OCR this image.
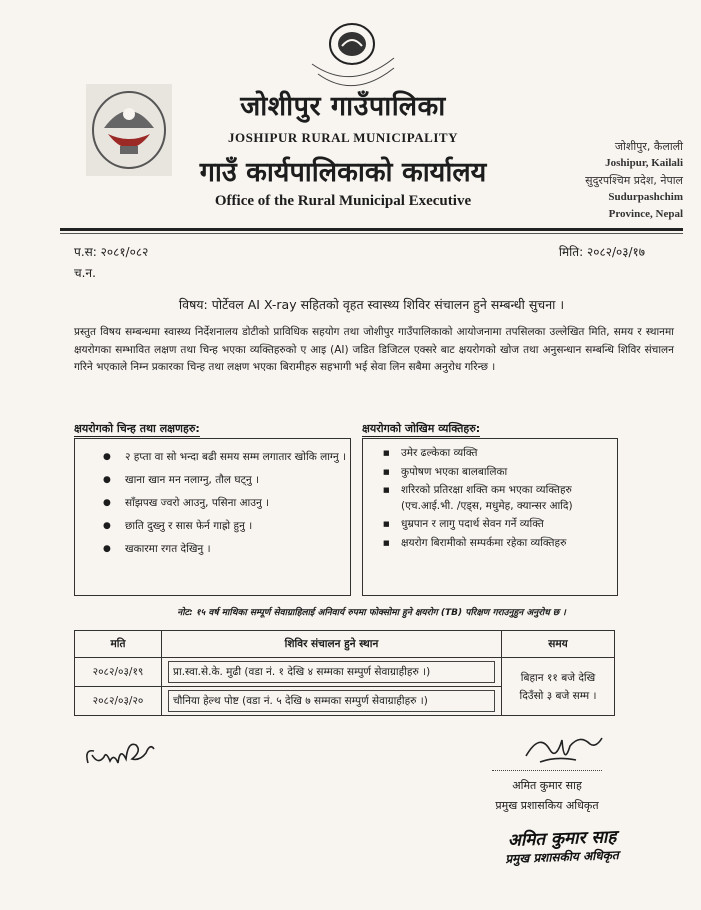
जोशीपुर गाउँपालिका
JOSHIPUR RURAL MUNICIPALITY
गाउँ कार्यपालिकाको कार्यालय
Office of the Rural Municipal Executive
जोशीपुर, कैलाली
Joshipur, Kailali
सुदुरपश्चिम प्रदेश, नेपाल
Sudurpashchim
Province, Nepal
प.स: २०८१/०८२
च.न.
मिति: २०८२/०३/१७
विषय: पोर्टेवल AI X-ray सहितको वृहत स्वास्थ्य शिविर संचालन हुने सम्बन्धी सुचना ।
प्रस्तुत विषय सम्बन्धमा स्वास्थ्य निर्देशनालय डोटीको प्राविधिक सहयोग तथा जोशीपुर गाउँपालिकाको आयोजनामा तपसिलका उल्लेखित मिति, समय र स्थानमा क्षयरोगका सम्भावित लक्षण तथा चिन्ह भएका व्यक्तिहरुको ए आइ (AI) जडित डिजिटल एक्सरे बाट क्षयरोगको खोज तथा अनुसन्धान सम्बन्धि शिविर संचालन गरिने भएकाले निम्न प्रकारका चिन्ह तथा लक्षण भएका बिरामीहरु सहभागी भई सेवा लिन सबैमा अनुरोध गरिन्छ ।
क्षयरोगको चिन्ह तथा लक्षणहरु:	क्षयरोगको जोखिम व्यक्तिहरु:
● २ हप्ता वा सो भन्दा बढी समय सम्म लगातार खोकि लाग्नु ।
● खाना खान मन नलाग्नु, तौल घट्नु ।
● साँझपख ज्वरो आउनु, पसिना आउनु ।
● छाति दुख्नु र सास फेर्न गाह्रो हुनु ।
● खकारमा रगत देखिनु ।
■ उमेर ढल्केका व्यक्ति
■ कुपोषण भएका बालबालिका
■ शरिरको प्रतिरक्षा शक्ति कम भएका व्यक्तिहरु (एच.आई.भी. /एड्स, मधुमेह, क्यान्सर आदि)
■ धुम्रपान र लागु पदार्थ सेवन गर्ने व्यक्ति
■ क्षयरोग बिरामीको सम्पर्कमा रहेका व्यक्तिहरु
नोट: १५ वर्ष माथिका सम्पूर्ण सेवाग्राहिलाई अनिवार्य रुपमा फोक्सोमा हुने क्षयरोग (TB) परिक्षण गराउनुहुन अनुरोध छ ।
मति	शिविर संचालन हुने स्थान	समय
२०८२/०३/१९	प्रा.स्वा.से.के. मुढी (वडा नं. १ देखि ४ सम्मका सम्पुर्ण सेवाग्राहीहरु ।)	बिहान ११ बजे देखि दिउँसो ३ बजे सम्म ।
२०८२/०३/२०	चौनिया हेल्थ पोष्ट (वडा नं. ५ देखि ७ सम्मका सम्पुर्ण सेवाग्राहीहरु ।)	
अमित कुमार साह
प्रमुख प्रशासकिय अधिकृत
अमित कुमार साह
प्रमुख प्रशासकीय अधिकृत
